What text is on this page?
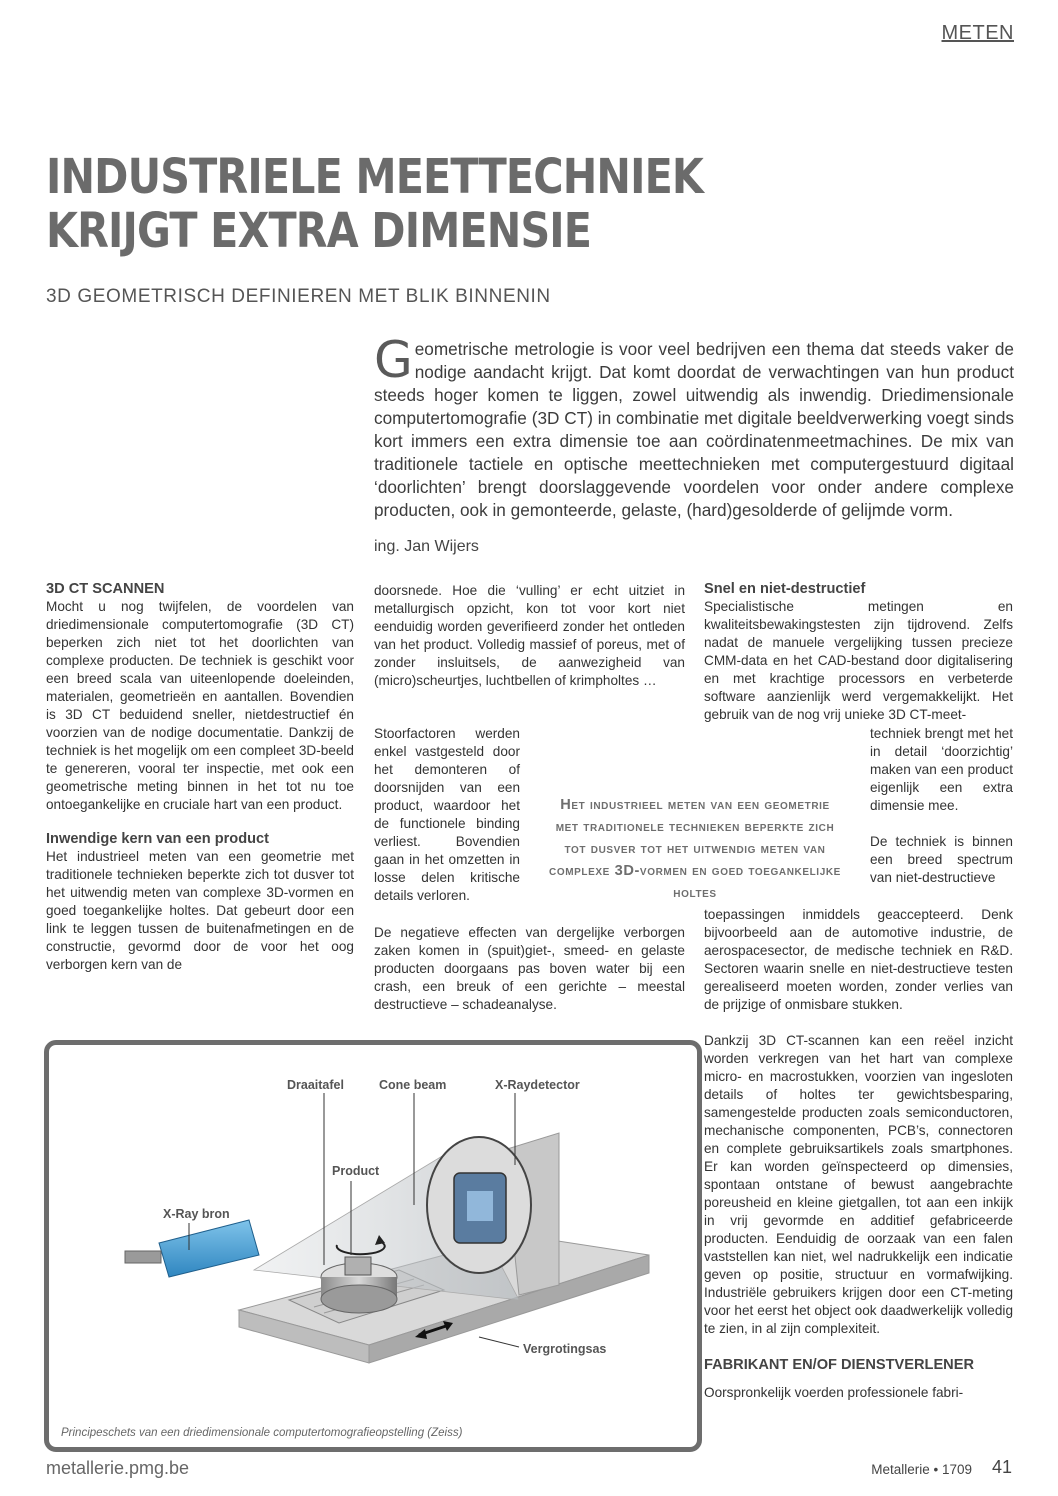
METEN
INDUSTRIELE MEETTECHNIEK
KRIJGT EXTRA DIMENSIE
3D GEOMETRISCH DEFINIEREN MET BLIK BINNENIN
Geometrische metrologie is voor veel bedrijven een thema dat steeds vaker de nodige aandacht krijgt. Dat komt doordat de verwachtingen van hun product steeds hoger komen te liggen, zowel uitwendig als inwendig. Driedimensionale computertomografie (3D CT) in combinatie met digitale beeldverwerking voegt sinds kort immers een extra dimensie toe aan coördinatenmeetmachines. De mix van traditionele tactiele en optische meettechnieken met computergestuurd digitaal ‘doorlichten’ brengt doorslaggevende voordelen voor onder andere complexe producten, ook in gemonteerde, gelaste, (hard)gesolderde of gelijmde vorm.
ing. Jan Wijers

3D CT SCANNEN

Mocht u nog twijfelen, de voordelen van driedimensionale computertomografie (3D CT) beperken zich niet tot het doorlichten van complexe producten. De techniek is geschikt voor een breed scala van uiteenlopende doeleinden, materialen, geometrieën en aantallen. Bovendien is 3D CT beduidend sneller, nietdestructief én voorzien van de nodige documentatie. Dankzij de techniek is het mogelijk om een compleet 3D-beeld te genereren, vooral ter inspectie, met ook een geometrische meting binnen in het tot nu toe ontoegankelijke en cruciale hart van een product.

Inwendige kern van een product

Het industrieel meten van een geometrie met traditionele technieken beperkte zich tot dusver tot het uitwendig meten van complexe 3D-vormen en goed toegankelijke holtes. Dat gebeurt door een link te leggen tussen de buitenafmetingen en de constructie, gevormd door de voor het oog verborgen kern van de

doorsnede. Hoe die ‘vulling’ er echt uitziet in metallurgisch opzicht, kon tot voor kort niet eenduidig worden geverifieerd zonder het ontleden van het product. Volledig massief of poreus, met of zonder insluitsels, de aanwezigheid van (micro)scheurtjes, luchtbellen of krimpholtes …

Stoorfactoren werden enkel vastgesteld door het demonteren of doorsnijden van een product, waardoor het de functionele binding verliest. Bovendien gaan in het omzetten in losse delen kritische details verloren.

De negatieve effecten van dergelijke verborgen zaken komen in (spuit)giet-, smeed- en gelaste producten doorgaans pas boven water bij een crash, een breuk of een gerichte – meestal destructieve – schadeanalyse.

Het industrieel meten van een geometrie met traditionele technieken beperkte zich tot dusver tot het uitwendig meten van complexe 3D-vormen en goed toegankelijke holtes

Snel en niet-destructief

Specialistische metingen en kwaliteitsbewakingstesten zijn tijdrovend. Zelfs nadat de manuele vergelijking tussen precieze CMM-data en het CAD-bestand door digitalisering en met krachtige processors en verbeterde software aanzienlijk werd vergemakkelijkt. Het gebruik van de nog vrij unieke 3D CT-meet-

techniek brengt met het in detail ‘doorzichtig’ maken van een product eigenlijk een extra dimensie mee.

De techniek is binnen een breed spectrum van niet-destructieve

toepassingen inmiddels geaccepteerd. Denk bijvoorbeeld aan de automotive industrie, de aerospacesector, de medische techniek en R&D. Sectoren waarin snelle en niet-destructieve testen gerealiseerd moeten worden, zonder verlies van de prijzige of onmisbare stukken.

Dankzij 3D CT-scannen kan een reëel inzicht worden verkregen van het hart van complexe micro- en macrostukken, voorzien van ingesloten details of holtes ter gewichtsbesparing, samengestelde producten zoals semiconductoren, mechanische componenten, PCB’s, connectoren en complete gebruiksartikels zoals smartphones. Er kan worden geïnspecteerd op dimensies, spontaan ontstane of bewust aangebrachte poreusheid en kleine gietgallen, tot aan een inkijk in vrij gevormde en additief gefabriceerde producten. Eenduidig de oorzaak van een falen vaststellen kan niet, wel nadrukkelijk een indicatie geven op positie, structuur en vormafwijking. Industriële gebruikers krijgen door een CT-meting voor het eerst het object ook daadwerkelijk volledig te zien, in al zijn complexiteit.

FABRIKANT EN/OF DIENSTVERLENER

Oorspronkelijk voerden professionele fabri-

Draaitafel	Cone beam	X-Raydetector
Product
X-Ray bron
Vergrotingsas
Principeschets van een driedimensionale computertomografieopstelling (Zeiss)
metallerie.pmg.be	Metallerie • 1709 41
